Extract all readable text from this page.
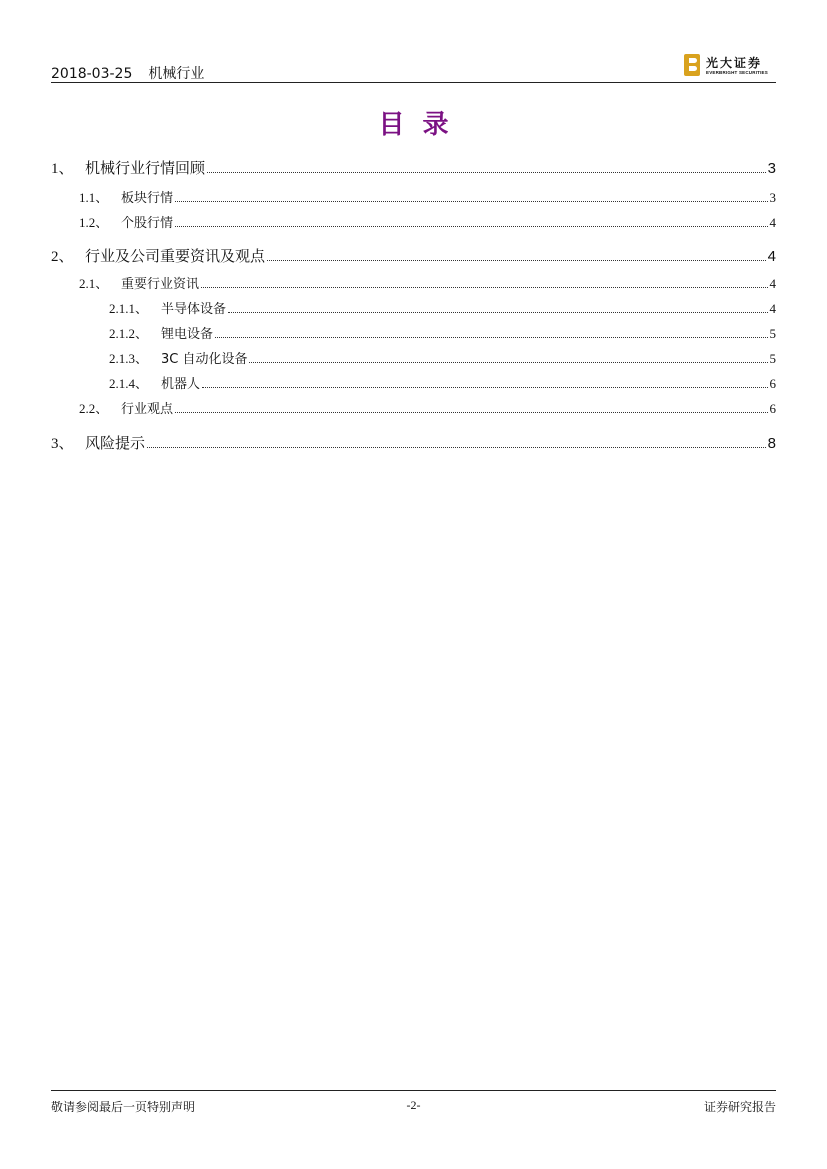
2018-03-25 机械行业
光大证券
EVERBRIGHT SECURITIES
目录
1、 机械行业行情回顾	3
1.1、 板块行情	3
1.2、 个股行情	4
2、 行业及公司重要资讯及观点	4
2.1、 重要行业资讯	4
2.1.1、 半导体设备	4
2.1.2、 锂电设备	5
2.1.3、 3C 自动化设备	5
2.1.4、 机器人	6
2.2、 行业观点	6
3、 风险提示	8
敬请参阅最后一页特别声明	-2-	证券研究报告
